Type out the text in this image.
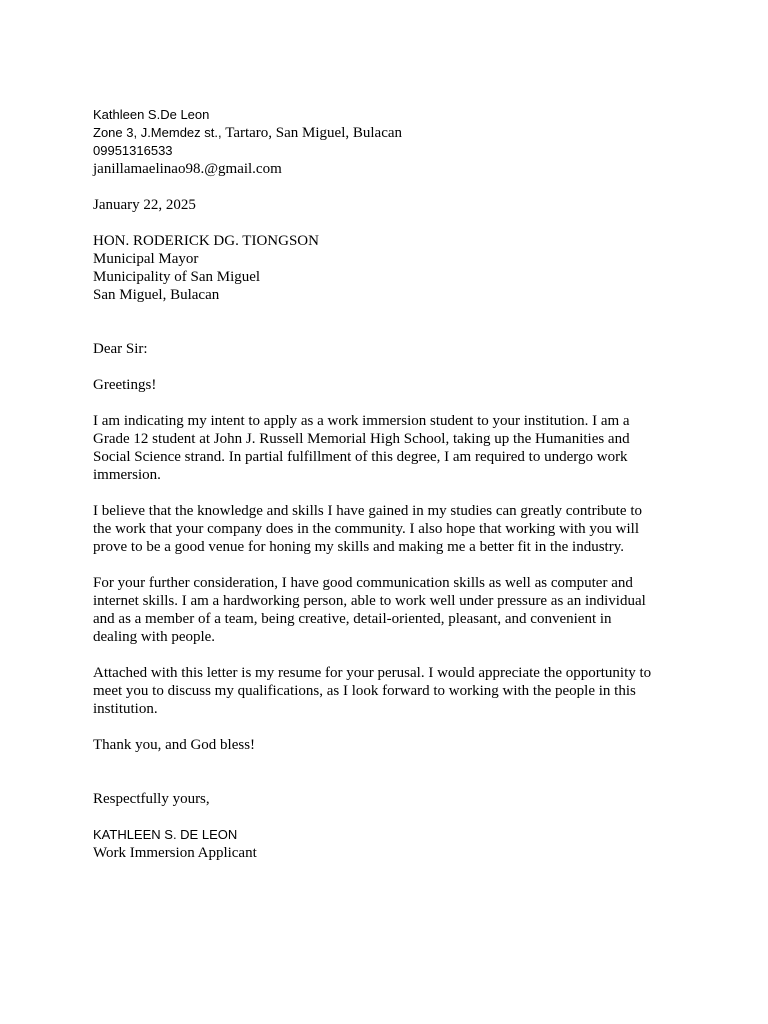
Kathleen S.De Leon
Zone 3, J.Memdez st., Tartaro, San Miguel, Bulacan
09951316533
janillamaelinao98.@gmail.com
January 22, 2025
HON. RODERICK DG. TIONGSON
Municipal Mayor
Municipality of San Miguel
San Miguel, Bulacan
Dear Sir:
Greetings!
I am indicating my intent to apply as a work immersion student to your institution. I am a
Grade 12 student at John J. Russell Memorial High School, taking up the Humanities and
Social Science strand. In partial fulfillment of this degree, I am required to undergo work
immersion.
I believe that the knowledge and skills I have gained in my studies can greatly contribute to
the work that your company does in the community. I also hope that working with you will
prove to be a good venue for honing my skills and making me a better fit in the industry.
For your further consideration, I have good communication skills as well as computer and
internet skills. I am a hardworking person, able to work well under pressure as an individual
and as a member of a team, being creative, detail-oriented, pleasant, and convenient in
dealing with people.
Attached with this letter is my resume for your perusal. I would appreciate the opportunity to
meet you to discuss my qualifications, as I look forward to working with the people in this
institution.
Thank you, and God bless!
Respectfully yours,
KATHLEEN S. DE LEON
Work Immersion Applicant
